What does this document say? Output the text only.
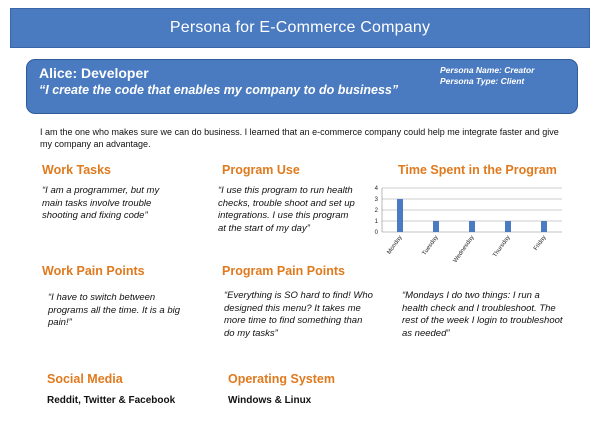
Persona for E-Commerce Company
Alice: Developer
“I create the code that enables my company to do business”
Persona Name: Creator
Persona Type: Client
I am the one who makes sure we can do business. I learned that an e-commerce company could help me integrate faster and give my company an advantage.
Work Tasks
“I am a programmer, but my main tasks involve trouble shooting and fixing code”
Program Use
“I use this program to run health checks, trouble shoot and set up integrations. I use this program at the start of my day”
Time Spent in the Program
0
1
2
3
4
Monday	Tuesday Wednesday	Thursday	Friday
Work Pain Points
“I have to switch between programs all the time. It is a big pain!”
Program Pain Points
“Everything is SO hard to find! Who designed this menu? It takes me more time to find something than do my tasks”
“Mondays I do two things: I run a health check and I troubleshoot. The rest of the week I login to troubleshoot as needed”
Social Media
Reddit, Twitter & Facebook
Operating System
Windows & Linux
